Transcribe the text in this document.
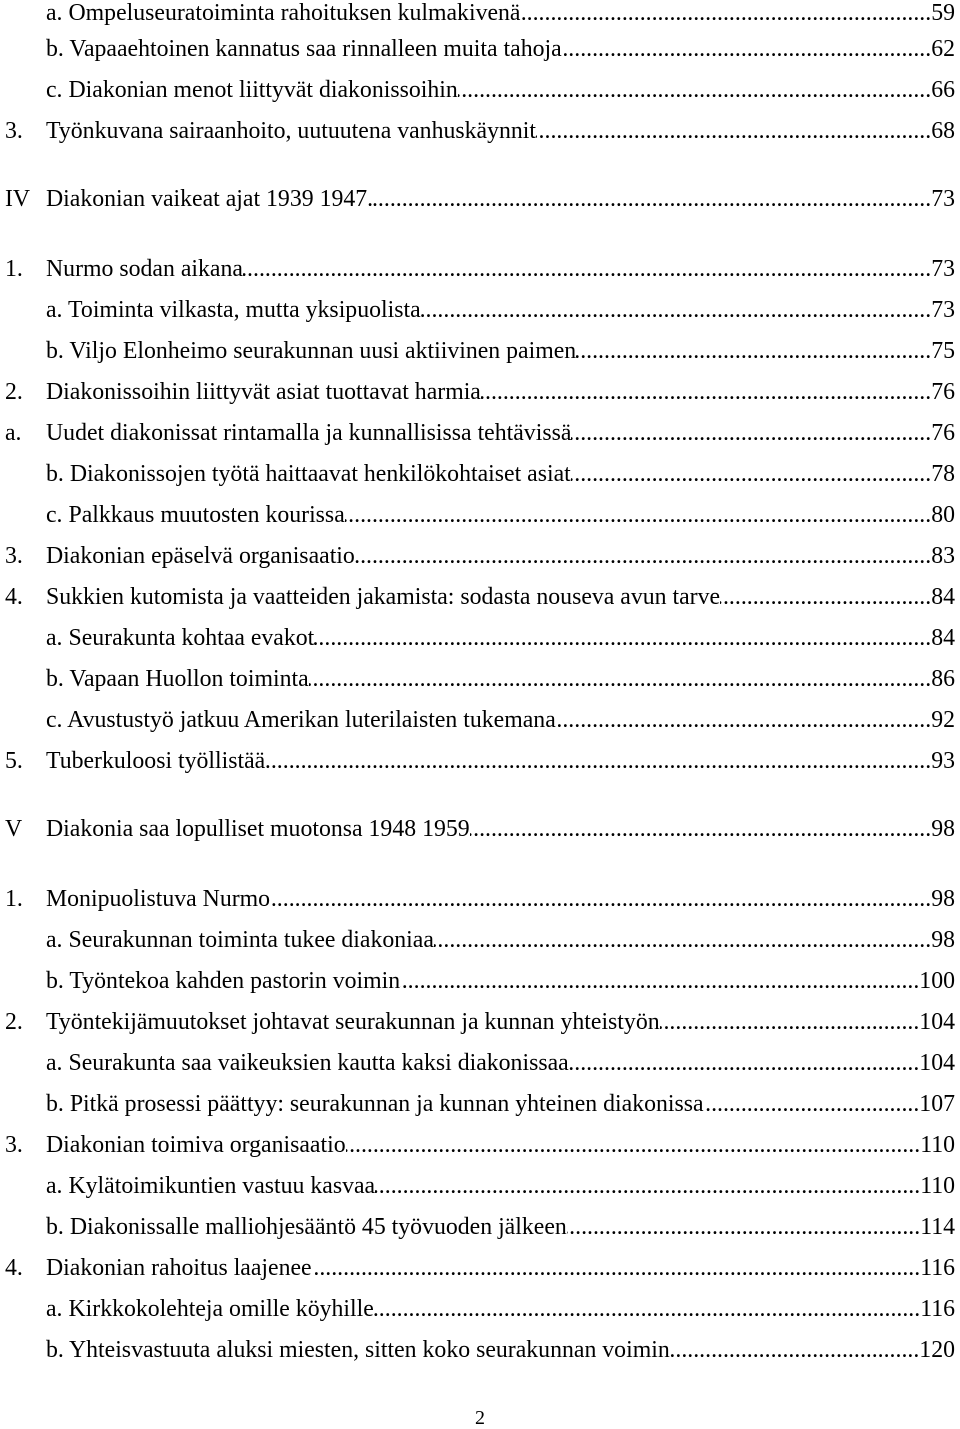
a. Ompeluseuratoiminta rahoituksen kulmakivenä .....	59
b. Vapaaehtoinen kannatus saa rinnalleen muita tahoja .....	62
c. Diakonian menot liittyvät diakonissoihin .....	66
3. Työnkuvana sairaanhoito, uutuutena vanhuskäynnit .....	68
IV Diakonian vaikeat ajat 1939 1947. .....	73
1. Nurmo sodan aikana .....	73
a. Toiminta vilkasta, mutta yksipuolista .....	73
b. Viljo Elonheimo seurakunnan uusi aktiivinen paimen .....	75
2. Diakonissoihin liittyvät asiat tuottavat harmia .....	76
a.	Uudet diakonissat rintamalla ja kunnallisissa tehtävissä .....	76
b. Diakonissojen työtä haittaavat henkilökohtaiset asiat .....	78
c. Palkkaus muutosten kourissa .....	80
3. Diakonian epäselvä organisaatio .....	83
4. Sukkien kutomista ja vaatteiden jakamista: sodasta nouseva avun tarve .....	84
a. Seurakunta kohtaa evakot .....	84
b. Vapaan Huollon toiminta .....	86
c. Avustustyö jatkuu Amerikan luterilaisten tukemana .....	92
5. Tuberkuloosi työllistää .....	93
V	Diakonia saa lopulliset muotonsa 1948 1959 .....	98
1. Monipuolistuva Nurmo .....	98
a. Seurakunnan toiminta tukee diakoniaa .....	98
b. Työntekoa kahden pastorin voimin .....	100
2. Työntekijämuutokset johtavat seurakunnan ja kunnan yhteistyön .....	104
a. Seurakunta saa vaikeuksien kautta kaksi diakonissaa .....	104
b. Pitkä prosessi päättyy: seurakunnan ja kunnan yhteinen diakonissa .....	107
3. Diakonian toimiva organisaatio .....	110
a. Kylätoimikuntien vastuu kasvaa .....	110
b. Diakonissalle malliohjesääntö 45 työvuoden jälkeen .....	114
4. Diakonian rahoitus laajenee .....	116
a. Kirkkokolehteja omille köyhille .....	116
b. Yhteisvastuuta aluksi miesten, sitten koko seurakunnan voimin .....	120
2
